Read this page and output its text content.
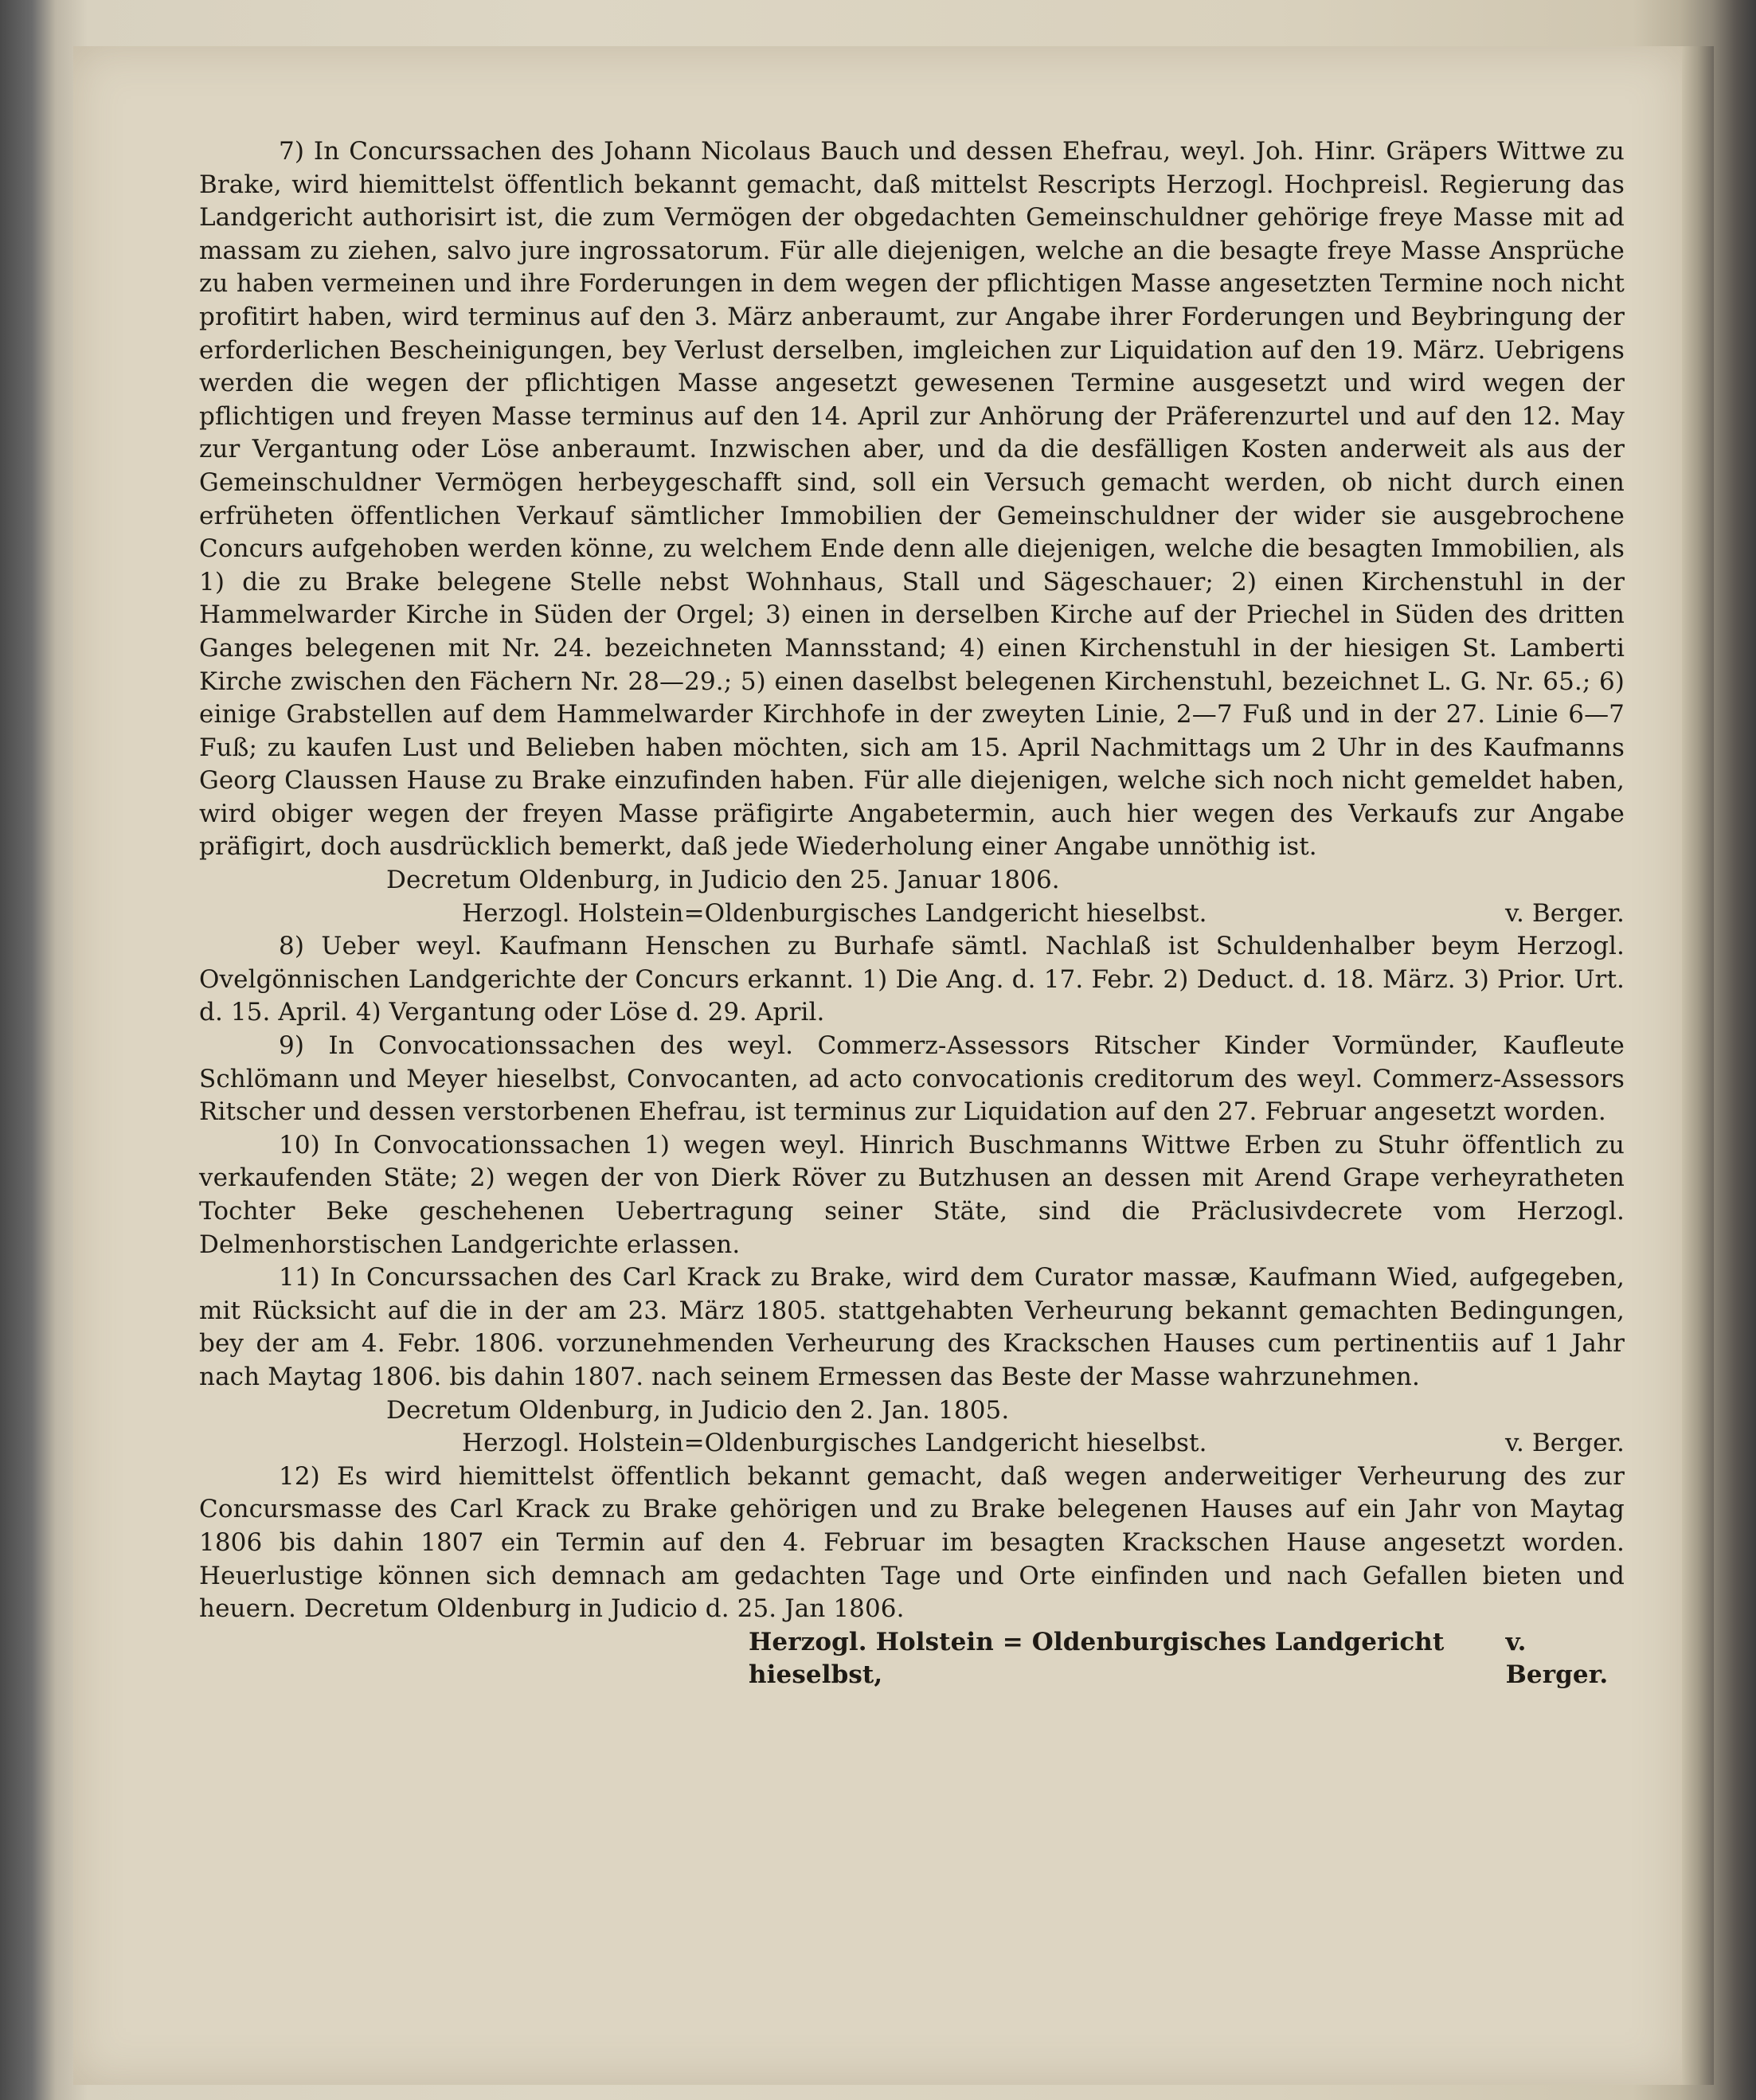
7) In Concurssachen des Johann Nicolaus Bauch und dessen Ehefrau, weyl. Joh. Hinr. Gräpers Wittwe zu Brake, wird hiemittelst öffentlich bekannt gemacht, daß mittelst Rescripts Herzogl. Hochpreisl. Regierung das Landgericht authorisirt ist, die zum Vermögen der obgedachten Gemeinschuldner gehörige freye Masse mit ad massam zu ziehen, salvo jure ingrossatorum. Für alle diejenigen, welche an die besagte freye Masse Ansprüche zu haben vermeinen und ihre Forderungen in dem wegen der pflichtigen Masse angesetzten Termine noch nicht profitirt haben, wird terminus auf den 3. März anberaumt, zur Angabe ihrer Forderungen und Beybringung der erforderlichen Bescheinigungen, bey Verlust derselben, imgleichen zur Liquidation auf den 19. März. Uebrigens werden die wegen der pflichtigen Masse angesetzt gewesenen Termine ausgesetzt und wird wegen der pflichtigen und freyen Masse terminus auf den 14. April zur Anhörung der Präferenzurtel und auf den 12. May zur Vergantung oder Löse anberaumt. Inzwischen aber, und da die desfälligen Kosten anderweit als aus der Gemeinschuldner Vermögen herbeygeschafft sind, soll ein Versuch gemacht werden, ob nicht durch einen erfrüheten öffentlichen Verkauf sämtlicher Immobilien der Gemeinschuldner der wider sie ausgebrochene Concurs aufgehoben werden könne, zu welchem Ende denn alle diejenigen, welche die besagten Immobilien, als 1) die zu Brake belegene Stelle nebst Wohnhaus, Stall und Sägeschauer; 2) einen Kirchenstuhl in der Hammelwarder Kirche in Süden der Orgel; 3) einen in derselben Kirche auf der Priechel in Süden des dritten Ganges belegenen mit Nr. 24. bezeichneten Mannsstand; 4) einen Kirchenstuhl in der hiesigen St. Lamberti Kirche zwischen den Fächern Nr. 28—29.; 5) einen daselbst belegenen Kirchenstuhl, bezeichnet L. G. Nr. 65.; 6) einige Grabstellen auf dem Hammelwarder Kirchhofe in der zweyten Linie, 2—7 Fuß und in der 27. Linie 6—7 Fuß; zu kaufen Lust und Belieben haben möchten, sich am 15. April Nachmittags um 2 Uhr in des Kaufmanns Georg Claussen Hause zu Brake einzufinden haben. Für alle diejenigen, welche sich noch nicht gemeldet haben, wird obiger wegen der freyen Masse präfigirte Angabetermin, auch hier wegen des Verkaufs zur Angabe präfigirt, doch ausdrücklich bemerkt, daß jede Wiederholung einer Angabe unnöthig ist.

Decretum Oldenburg, in Judicio den 25. Januar 1806.

Herzogl. Holstein=Oldenburgisches Landgericht hieselbst.	v. Berger.

8) Ueber weyl. Kaufmann Henschen zu Burhafe sämtl. Nachlaß ist Schuldenhalber beym Herzogl. Ovelgönnischen Landgerichte der Concurs erkannt. 1) Die Ang. d. 17. Febr. 2) Deduct. d. 18. März. 3) Prior. Urt. d. 15. April. 4) Vergantung oder Löse d. 29. April.

9) In Convocationssachen des weyl. Commerz-Assessors Ritscher Kinder Vormünder, Kaufleute Schlömann und Meyer hieselbst, Convocanten, ad acto convocationis creditorum des weyl. Commerz-Assessors Ritscher und dessen verstorbenen Ehefrau, ist terminus zur Liquidation auf den 27. Februar angesetzt worden.

10) In Convocationssachen 1) wegen weyl. Hinrich Buschmanns Wittwe Erben zu Stuhr öffentlich zu verkaufenden Stäte; 2) wegen der von Dierk Röver zu Butzhusen an dessen mit Arend Grape verheyratheten Tochter Beke geschehenen Uebertragung seiner Stäte, sind die Präclusivdecrete vom Herzogl. Delmenhorstischen Landgerichte erlassen.

11) In Concurssachen des Carl Krack zu Brake, wird dem Curator massæ, Kaufmann Wied, aufgegeben, mit Rücksicht auf die in der am 23. März 1805. stattgehabten Verheurung bekannt gemachten Bedingungen, bey der am 4. Febr. 1806. vorzunehmenden Verheurung des Krackschen Hauses cum pertinentiis auf 1 Jahr nach Maytag 1806. bis dahin 1807. nach seinem Ermessen das Beste der Masse wahrzunehmen.

Decretum Oldenburg, in Judicio den 2. Jan. 1805.

Herzogl. Holstein=Oldenburgisches Landgericht hieselbst.	v. Berger.

12) Es wird hiemittelst öffentlich bekannt gemacht, daß wegen anderweitiger Verheurung des zur Concursmasse des Carl Krack zu Brake gehörigen und zu Brake belegenen Hauses auf ein Jahr von Maytag 1806 bis dahin 1807 ein Termin auf den 4. Februar im besagten Krackschen Hause angesetzt worden. Heuerlustige können sich demnach am gedachten Tage und Orte einfinden und nach Gefallen bieten und heuern. Decretum Oldenburg in Judicio d. 25. Jan 1806.

Herzogl. Holstein = Oldenburgisches Landgericht hieselbst,
v. Berger.
